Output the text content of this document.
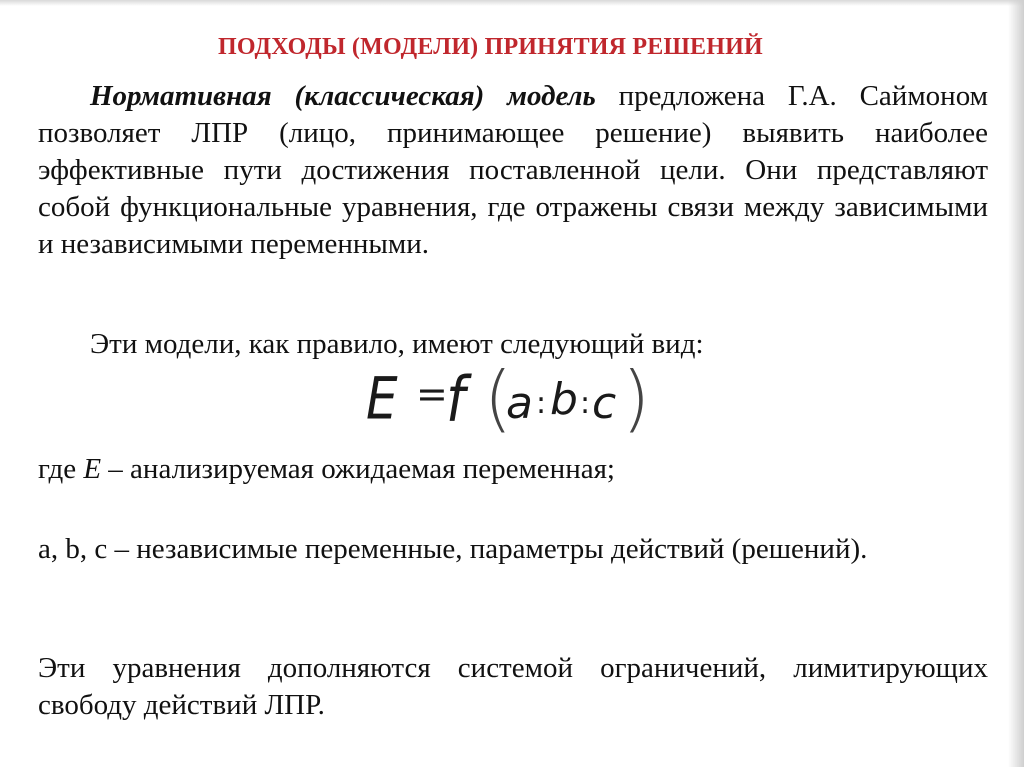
ПОДХОДЫ (МОДЕЛИ) ПРИНЯТИЯ РЕШЕНИЙ

Нормативная (классическая) модель предложена Г.А. Саймоном позволяет ЛПР (лицо, принимающее решение) выявить наиболее эффективные пути достижения поставленной цели. Они представляют собой функциональные уравнения, где отражены связи между зависимыми и независимыми переменными.

Эти модели, как правило, имеют следующий вид:

E =
f (
a : b : c )

где E – анализируемая ожидаемая переменная;

a, b, c – независимые переменные, параметры действий (решений).

Эти уравнения дополняются системой ограничений, лимитирующих свободу действий ЛПР.
